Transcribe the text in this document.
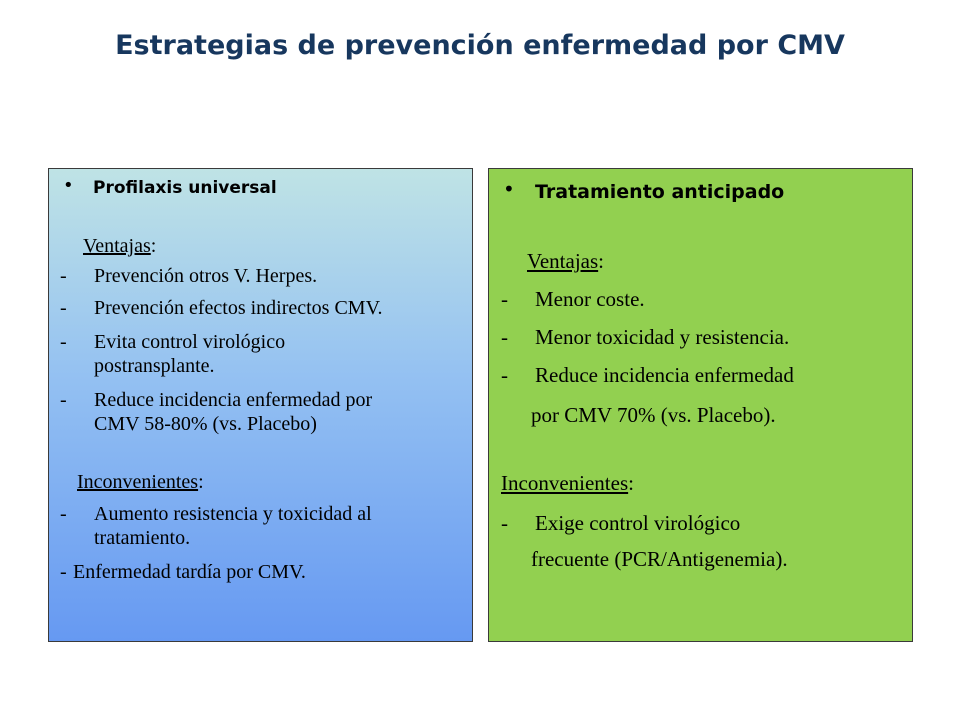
Estrategias de prevención enfermedad por CMV
• Profilaxis universal
Ventajas:
- Prevención otros V. Herpes.
- Prevención efectos indirectos CMV.
- Evita control virológico
postransplante.
- Reduce incidencia enfermedad por
CMV 58-80% (vs. Placebo)
Inconvenientes:
- Aumento resistencia y toxicidad al
tratamiento.
- Enfermedad tardía por CMV.
• Tratamiento anticipado
Ventajas:
- Menor coste.
- Menor toxicidad y resistencia.
- Reduce incidencia enfermedad
por CMV 70% (vs. Placebo).
Inconvenientes:
- Exige control virológico
frecuente (PCR/Antigenemia).
